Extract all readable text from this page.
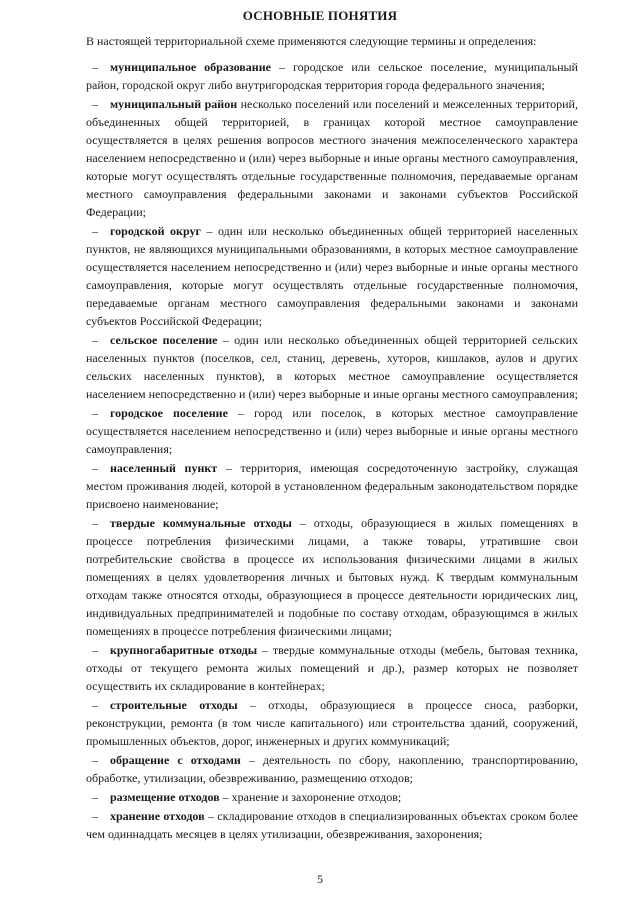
ОСНОВНЫЕ ПОНЯТИЯ
В настоящей территориальной схеме применяются следующие термины и определения:

– муниципальное образование – городское или сельское поселение, муниципальный район, городской округ либо внутригородская территория города федерального значения;

– муниципальный район несколько поселений или поселений и межселенных территорий, объединенных общей территорией, в границах которой местное самоуправление осуществляется в целях решения вопросов местного значения межпоселенческого характера населением непосредственно и (или) через выборные и иные органы местного самоуправления, которые могут осуществлять отдельные государственные полномочия, передаваемые органам местного самоуправления федеральными законами и законами субъектов Российской Федерации;

– городской округ – один или несколько объединенных общей территорией населенных пунктов, не являющихся муниципальными образованиями, в которых местное самоуправление осуществляется населением непосредственно и (или) через выборные и иные органы местного самоуправления, которые могут осуществлять отдельные государственные полномочия, передаваемые органам местного самоуправления федеральными законами и законами субъектов Российской Федерации;

– сельское поселение – один или несколько объединенных общей территорией сельских населенных пунктов (поселков, сел, станиц, деревень, хуторов, кишлаков, аулов и других сельских населенных пунктов), в которых местное самоуправление осуществляется населением непосредственно и (или) через выборные и иные органы местного самоуправления;

– городское поселение – город или поселок, в которых местное самоуправление осуществляется населением непосредственно и (или) через выборные и иные органы местного самоуправления;

– населенный пункт – территория, имеющая сосредоточенную застройку, служащая местом проживания людей, которой в установленном федеральным законодательством порядке присвоено наименование;

– твердые коммунальные отходы – отходы, образующиеся в жилых помещениях в процессе потребления физическими лицами, а также товары, утратившие свои потребительские свойства в процессе их использования физическими лицами в жилых помещениях в целях удовлетворения личных и бытовых нужд. К твердым коммунальным отходам также относятся отходы, образующиеся в процессе деятельности юридических лиц, индивидуальных предпринимателей и подобные по составу отходам, образующимся в жилых помещениях в процессе потребления физическими лицами;

– крупногабаритные отходы – твердые коммунальные отходы (мебель, бытовая техника, отходы от текущего ремонта жилых помещений и др.), размер которых не позволяет осуществить их складирование в контейнерах;

– строительные отходы – отходы, образующиеся в процессе сноса, разборки, реконструкции, ремонта (в том числе капитального) или строительства зданий, сооружений, промышленных объектов, дорог, инженерных и других коммуникаций;

– обращение с отходами – деятельность по сбору, накоплению, транспортированию, обработке, утилизации, обезвреживанию, размещению отходов;

– размещение отходов – хранение и захоронение отходов;

– хранение отходов – складирование отходов в специализированных объектах сроком более чем одиннадцать месяцев в целях утилизации, обезвреживания, захоронения;

5
